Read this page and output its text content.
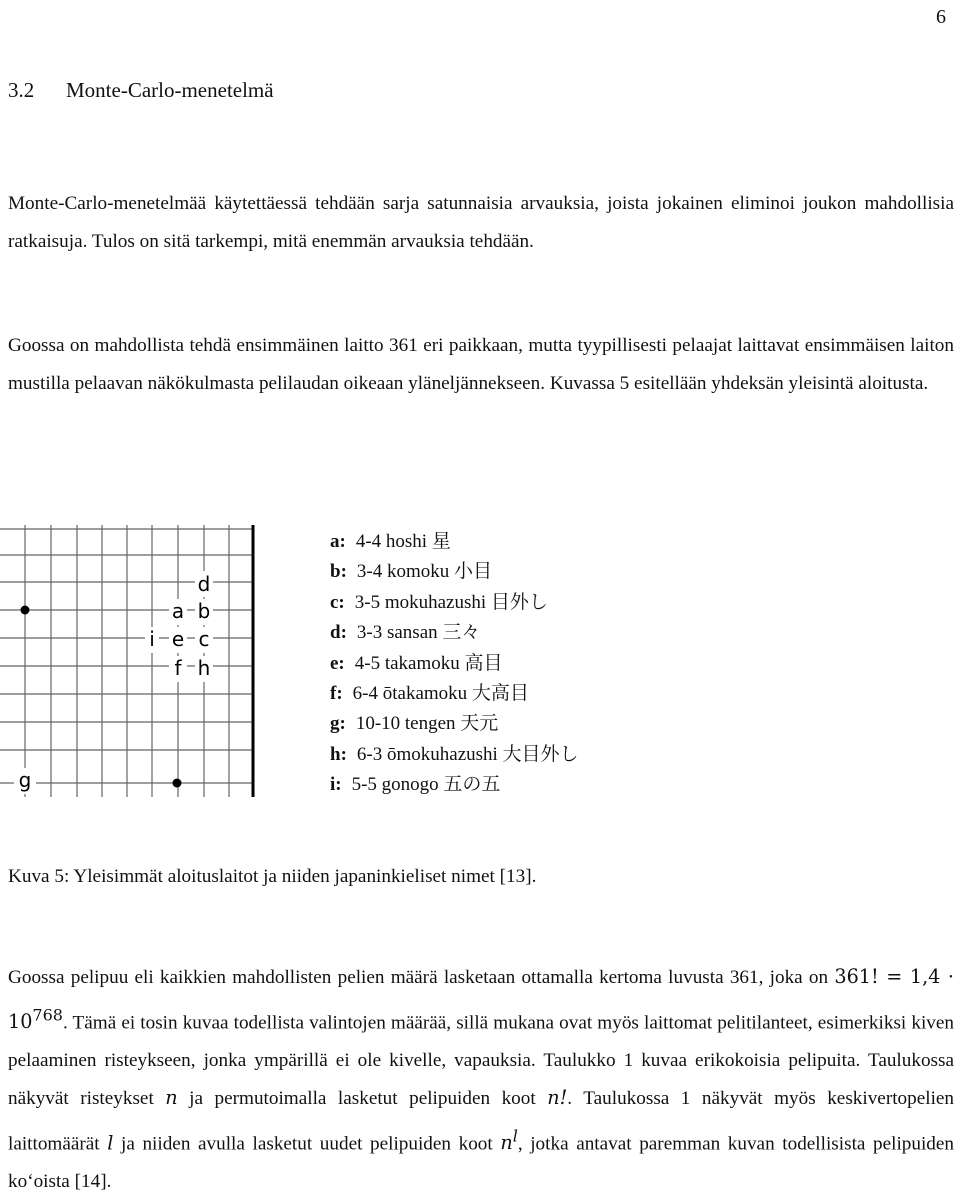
6
3.2 Monte-Carlo-menetelmä

Monte-Carlo-menetelmää käytettäessä tehdään sarja satunnaisia arvauksia, joista jokainen eliminoi joukon mahdollisia ratkaisuja. Tulos on sitä tarkempi, mitä enemmän arvauksia tehdään.

Goossa on mahdollista tehdä ensimmäinen laitto 361 eri paikkaan, mutta tyypillisesti pelaajat laittavat ensimmäisen laiton mustilla pelaavan näkökulmasta pelilaudan oikeaan yläneljännekseen. Kuvassa 5 esitellään yhdeksän yleisintä aloitusta.

d
a b
i e c
f h
g
a: 4-4 hoshi 星
b: 3-4 komoku 小目
c: 3-5 mokuhazushi 目外し
d: 3-3 sansan 三々
e: 4-5 takamoku 高目
f: 6-4 ōtakamoku 大高目
g: 10-10 tengen 天元
h: 6-3 ōmokuhazushi 大目外し
i: 5-5 gonogo 五の五
Kuva 5: Yleisimmät aloituslaitot ja niiden japaninkieliset nimet [13].

Goossa pelipuu eli kaikkien mahdollisten pelien määrä lasketaan ottamalla kertoma luvusta 361, joka on 361! = $1,4 \cdot 10^{768}$. Tämä ei tosin kuvaa todellista valintojen määrää, sillä mukana ovat myös laittomat pelitilanteet, esimerkiksi kiven pelaaminen risteykseen, jonka ympärillä ei ole kivelle, vapauksia. Taulukko 1 kuvaa erikokoisia pelipuita. Taulukossa näkyvät risteykset n ja permutoimalla lasketut pelipuiden koot n!. Taulukossa 1 näkyvät myös keskivertopelien laittomäärät l ja niiden avulla lasketut uudet pelipuiden koot $n^l$, jotka antavat paremman kuvan todellisista pelipuiden ko‘oista [14].
